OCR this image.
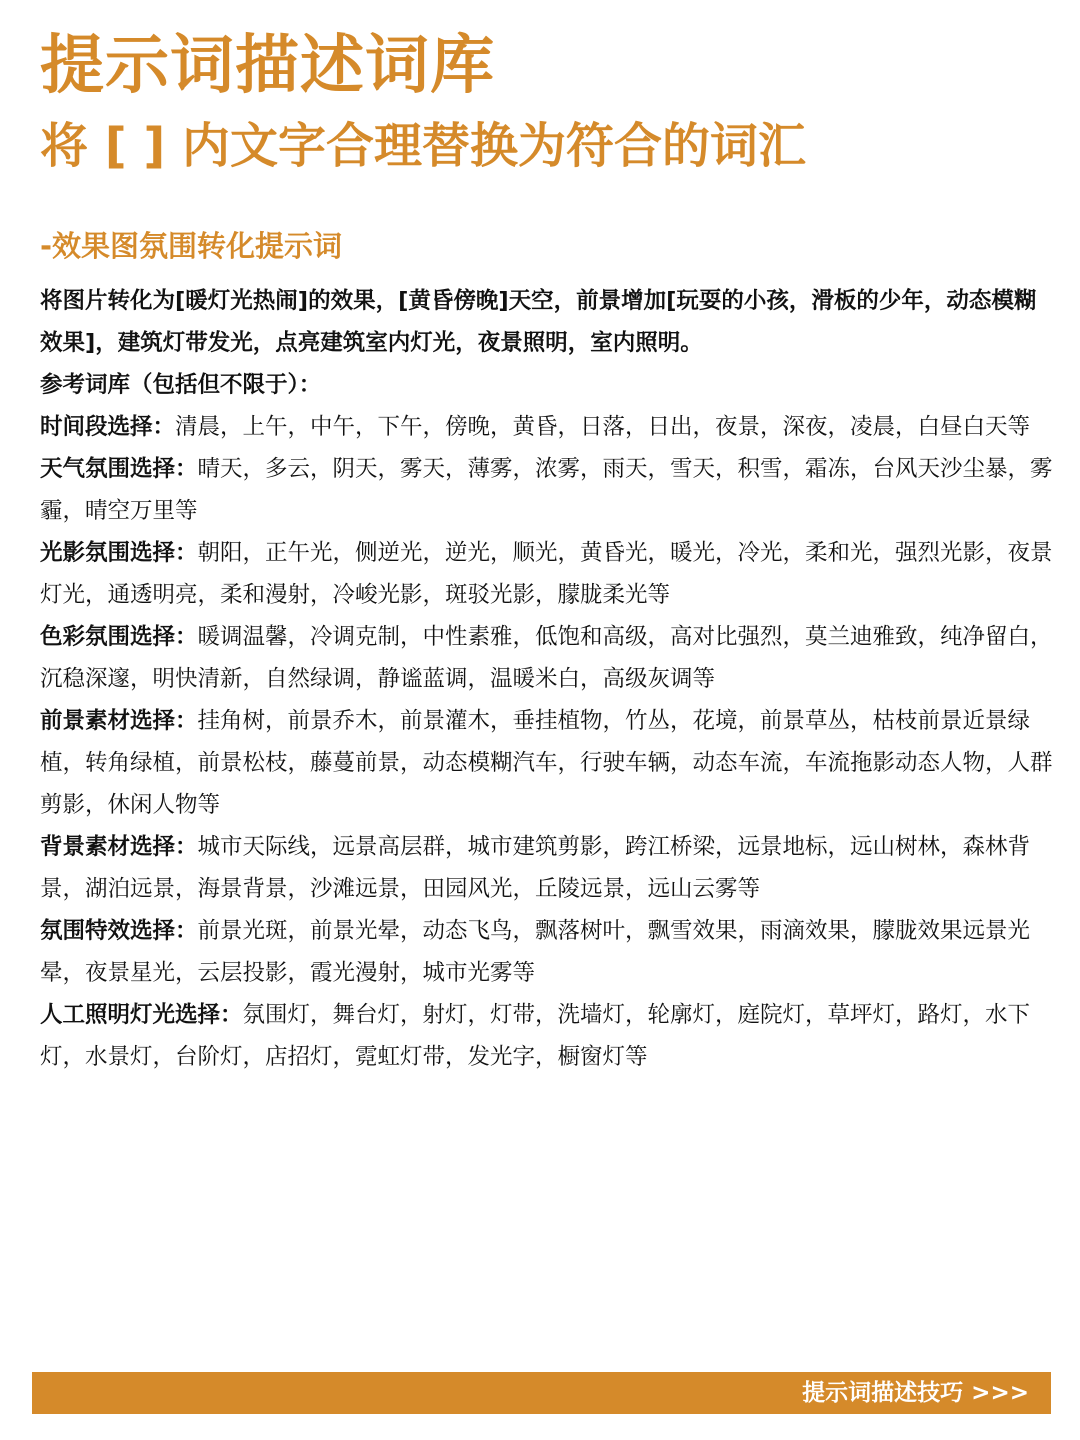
提示词描述词库
将 [ ] 内文字合理替换为符合的词汇
-效果图氛围转化提示词

将图片转化为[暖灯光热闹]的效果，[黄昏傍晚]天空，前景增加[玩耍的小孩，滑板的少年，动态模糊效果]，建筑灯带发光，点亮建筑室内灯光，夜景照明，室内照明。

参考词库（包括但不限于）：

时间段选择：清晨，上午，中午，下午，傍晚，黄昏，日落，日出，夜景，深夜，凌晨，白昼白天等

天气氛围选择：晴天，多云，阴天，雾天，薄雾，浓雾，雨天，雪天，积雪，霜冻，台风天沙尘暴，雾霾，晴空万里等

光影氛围选择：朝阳，正午光，侧逆光，逆光，顺光，黄昏光，暖光，冷光，柔和光，强烈光影，夜景灯光，通透明亮，柔和漫射，冷峻光影，斑驳光影，朦胧柔光等

色彩氛围选择：暖调温馨，冷调克制，中性素雅，低饱和高级，高对比强烈，莫兰迪雅致，纯净留白，沉稳深邃，明快清新，自然绿调，静谧蓝调，温暖米白，高级灰调等

前景素材选择：挂角树，前景乔木，前景灌木，垂挂植物，竹丛，花境，前景草丛，枯枝前景近景绿植，转角绿植，前景松枝，藤蔓前景，动态模糊汽车，行驶车辆，动态车流，车流拖影动态人物，人群剪影，休闲人物等

背景素材选择：城市天际线，远景高层群，城市建筑剪影，跨江桥梁，远景地标，远山树林，森林背景，湖泊远景，海景背景，沙滩远景，田园风光，丘陵远景，远山云雾等

氛围特效选择：前景光斑，前景光晕，动态飞鸟，飘落树叶，飘雪效果，雨滴效果，朦胧效果远景光晕，夜景星光，云层投影，霞光漫射，城市光雾等

人工照明灯光选择：氛围灯，舞台灯，射灯，灯带，洗墙灯，轮廓灯，庭院灯，草坪灯，路灯，水下灯，水景灯，台阶灯，店招灯，霓虹灯带，发光字，橱窗灯等

提示词描述技巧 >>>
